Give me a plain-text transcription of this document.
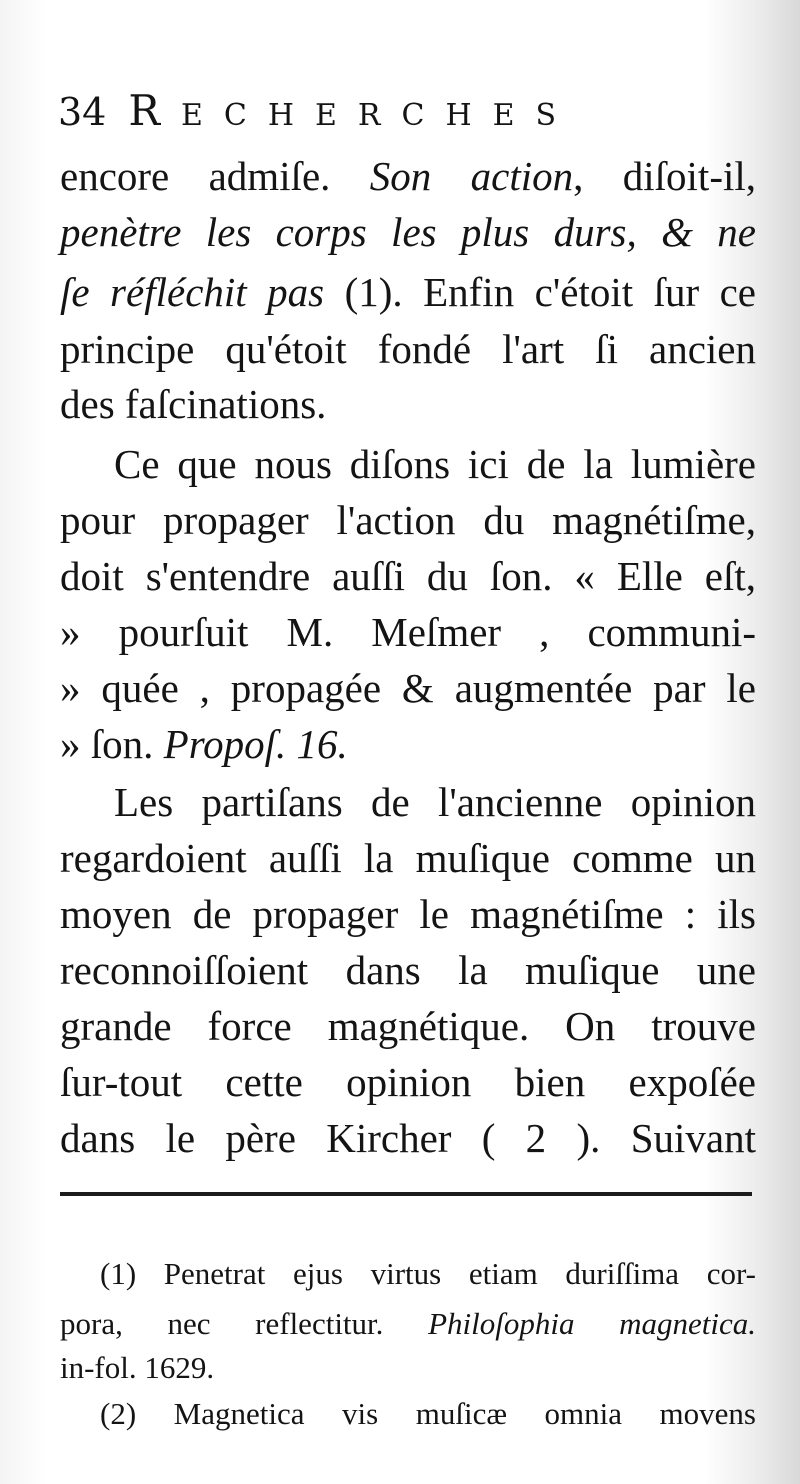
34 RECHERCHES
encore admiſe. Son action, diſoit-il,
penètre les corps les plus durs, & ne
ſe réfléchit pas (1). Enfin c'étoit ſur ce
principe qu'étoit fondé l'art ſi ancien
des faſcinations.
Ce que nous diſons ici de la lumière
pour propager l'action du magnétiſme,
doit s'entendre auſſi du ſon. « Elle eſt,
» pourſuit M. Meſmer , communi-
» quée , propagée & augmentée par le
» ſon. Propoſ. 16.
Les partiſans de l'ancienne opinion
regardoient auſſi la muſique comme un
moyen de propager le magnétiſme : ils
reconnoiſſoient dans la muſique une
grande force magnétique. On trouve
ſur-tout cette opinion bien expoſée
dans le père Kircher ( 2 ). Suivant
(1) Penetrat ejus virtus etiam duriſſima cor-
pora, nec reflectitur. Philoſophia magnetica.
in-fol. 1629.
(2) Magnetica vis muſicæ omnia movens
